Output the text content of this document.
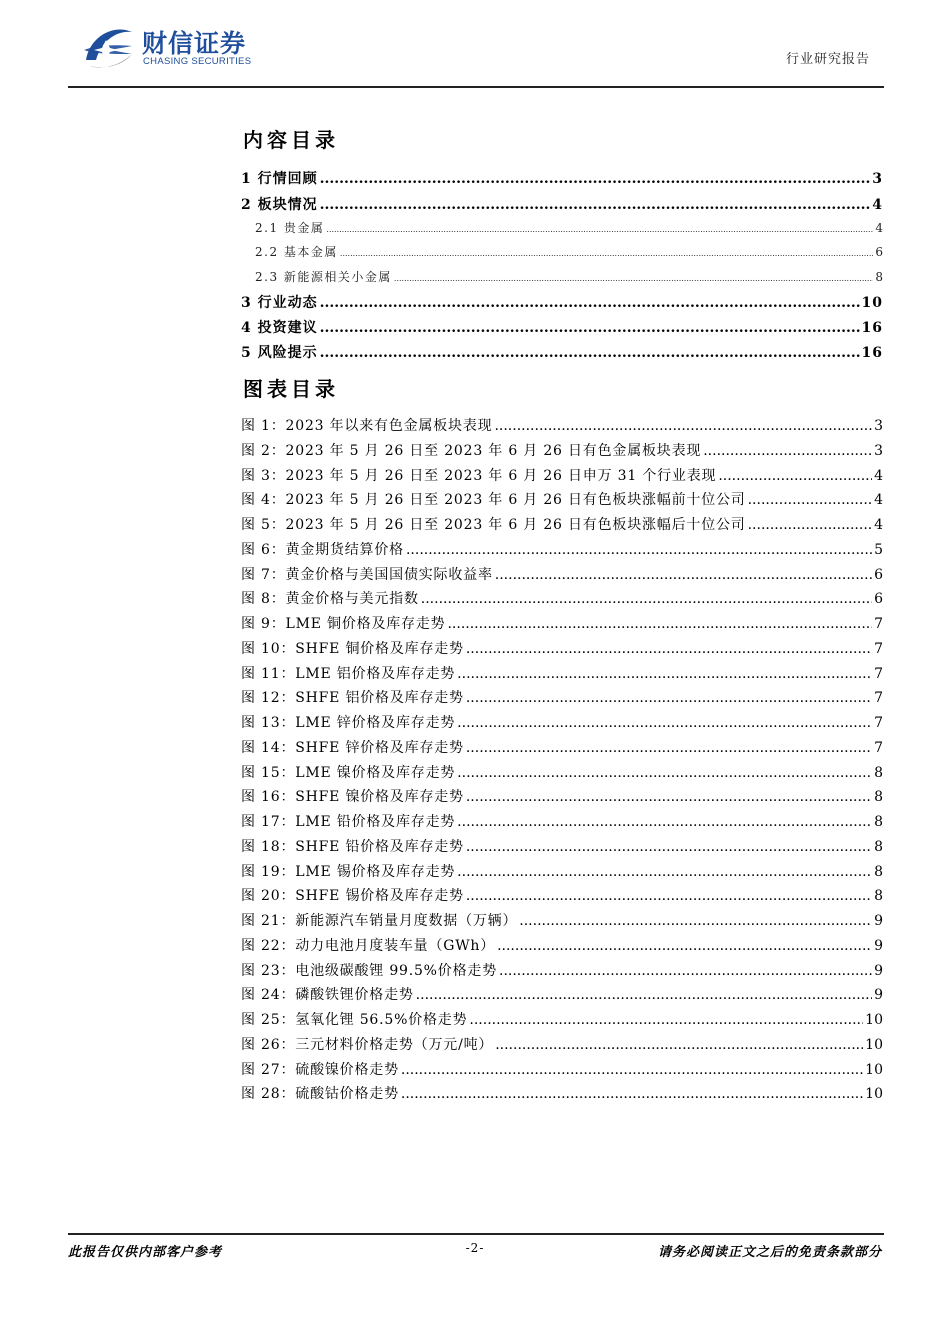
财信证券
CHASING SECURITIES	行业研究报告
内容目录
1 行情回顾 .....	3
2 板块情况 .....	4
2.1 贵金属 .....	4
2.2 基本金属 .....	6
2.3 新能源相关小金属 .....	8
3 行业动态 .....	10
4 投资建议 .....	16
5 风险提示 .....	16
图表目录
图 1：2023 年以来有色金属板块表现 .....	3
图 2：2023 年 5 月 26 日至 2023 年 6 月 26 日有色金属板块表现 .....	3
图 3：2023 年 5 月 26 日至 2023 年 6 月 26 日申万 31 个行业表现 .....	4
图 4：2023 年 5 月 26 日至 2023 年 6 月 26 日有色板块涨幅前十位公司 .....	4
图 5：2023 年 5 月 26 日至 2023 年 6 月 26 日有色板块涨幅后十位公司 .....	4
图 6：黄金期货结算价格 .....	5
图 7：黄金价格与美国国债实际收益率 .....	6
图 8：黄金价格与美元指数 .....	6
图 9：LME 铜价格及库存走势 .....	7
图 10：SHFE 铜价格及库存走势 .....	7
图 11：LME 铝价格及库存走势 .....	7
图 12：SHFE 铝价格及库存走势 .....	7
图 13：LME 锌价格及库存走势 .....	7
图 14：SHFE 锌价格及库存走势 .....	7
图 15：LME 镍价格及库存走势 .....	8
图 16：SHFE 镍价格及库存走势 .....	8
图 17：LME 铅价格及库存走势 .....	8
图 18：SHFE 铅价格及库存走势 .....	8
图 19：LME 锡价格及库存走势 .....	8
图 20：SHFE 锡价格及库存走势 .....	8
图 21：新能源汽车销量月度数据（万辆） .....	9
图 22：动力电池月度装车量（GWh） .....	9
图 23：电池级碳酸锂 99.5%价格走势 .....	9
图 24：磷酸铁锂价格走势 .....	9
图 25：氢氧化锂 56.5%价格走势 .....	10
图 26：三元材料价格走势（万元/吨） .....	10
图 27：硫酸镍价格走势 .....	10
图 28：硫酸钴价格走势 .....	10
此报告仅供内部客户参考	-2-	请务必阅读正文之后的免责条款部分
